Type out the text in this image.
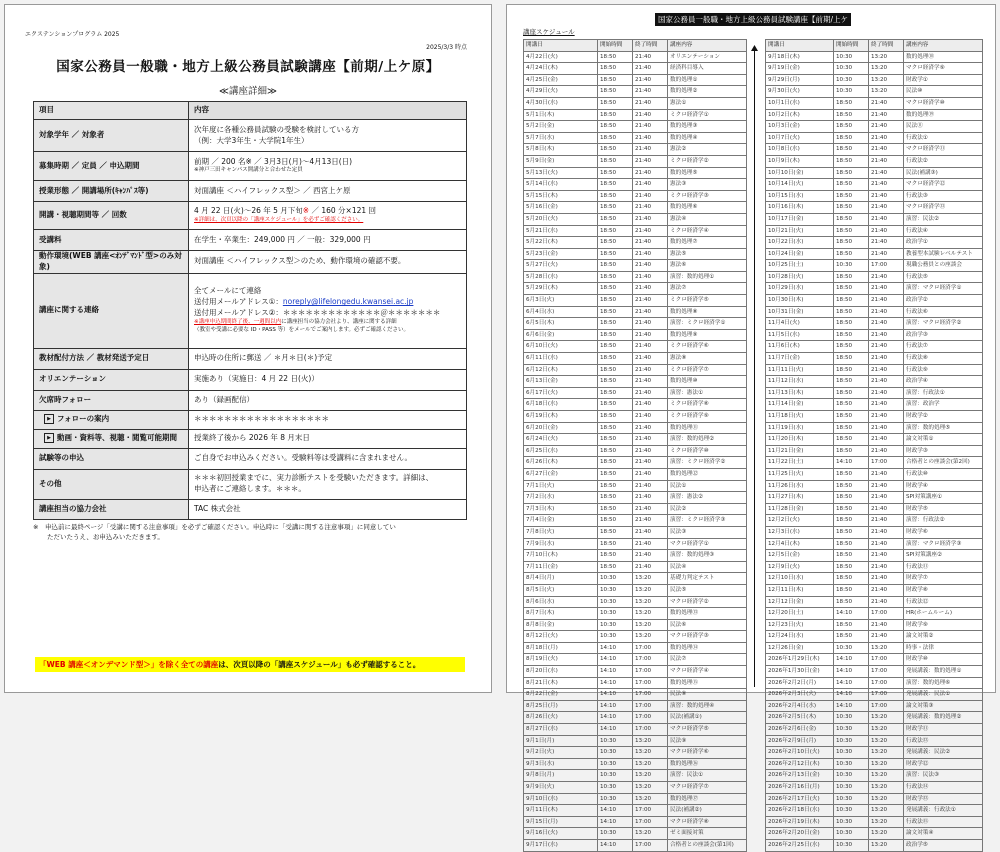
エクステンションプログラム 2025
2025/3/3 時点
国家公務員一般職・地方上級公務員試験講座【前期/上ケ原】
≪講座詳細≫
項目	内容
対象学年 ／ 対象者	次年度に各種公務員試験の受験を検討している方
（例：大学3年生・大学院1年生）

募集時期 ／ 定員 ／ 申込期間	前期 ／ 200 名※ ／ 3月3日(月)～4月13日(日)
※神戸三田キャンパス開講分と合わせた定員

授業形態 ／ 開講場所(ｷｬﾝﾊﾟｽ等)	対面講座 ＜ハイフレックス型＞ ／ 西宮上ケ原
開講・視聴期間等 ／ 回数	4 月 22 日(火)～26 年 5 月下旬※ ／ 160 分×121 回
※詳細は、次頁以降の「講座スケジュール」を必ずご確認ください。

受講料	在学生・卒業生：249,000 円 ／ 一般：329,000 円
動作環境(WEB 講座<ｵﾝﾃﾞﾏﾝﾄﾞ型>のみ対象)	対面講座 ＜ハイフレックス型＞のため、動作環境の確認不要。
講座に関する連絡	全てメールにて連絡
送付用メールアドレス①：noreply@lifelongedu.kwansei.ac.jp
送付用メールアドレス②：＊＊＊＊＊＊＊＊＊＊＊＊＊＠＊＊＊＊＊＊＊
※講座申込期間終了後、一週間以内に講座担当の協力会社より、講座に関する詳細
（教室や受講に必要な ID・PASS 等）をメールでご案内します。必ずご確認ください。

教材配付方法 ／ 教材発送予定日	申込時の住所に郵送 ／ ＊月＊日(＊)予定
オリエンテーション	実施あり（実施日：4 月 22 日(火)）
欠席時フォロー	あり（録画配信）
▶ フォローの案内	＊＊＊＊＊＊＊＊＊＊＊＊＊＊＊＊＊＊
▶ 動画・資料等、視聴・閲覧可能期間	授業終了後から 2026 年 8 月末日
試験等の申込	ご自身でお申込みください。受験料等は受講料に含まれません。
その他	＊＊＊初回授業までに、実力診断テストを受験いただきます。詳細は、
申込者にご連絡します。＊＊＊。

講座担当の協力会社	TAC 株式会社
※　 申込前に最終ページ「受講に関する注意事項」を必ずご確認ください。申込時に「受講に関する注意事項」に同意してい
ただいたうえ、お申込みいただきます。
「WEB 講座＜オンデマンド型＞」を除く全ての講座は、次頁以降の「講座スケジュール」も必ず確認すること。
国家公務員一般職・地方上級公務員試験講座【前期/上ケ原】
講座スケジュール
開講日	開始時間	終了時間	講座内容
4月22日(火)	18:50	21:40	オリエンテーション
4月24日(木)	18:50	21:40	経済科目導入
4月25日(金)	18:50	21:40	数的処理①
4月29日(火)	18:50	21:40	数的処理②
4月30日(水)	18:50	21:40	憲法①
5月1日(木)	18:50	21:40	ミクロ経済学①
5月2日(金)	18:50	21:40	数的処理③
5月7日(水)	18:50	21:40	数的処理④
5月8日(木)	18:50	21:40	憲法②
5月9日(金)	18:50	21:40	ミクロ経済学②
5月13日(火)	18:50	21:40	数的処理⑤
5月14日(水)	18:50	21:40	憲法③
5月15日(木)	18:50	21:40	ミクロ経済学③
5月16日(金)	18:50	21:40	数的処理⑥
5月20日(火)	18:50	21:40	憲法④
5月21日(水)	18:50	21:40	ミクロ経済学④
5月22日(木)	18:50	21:40	数的処理⑦
5月23日(金)	18:50	21:40	憲法⑤
5月27日(火)	18:50	21:40	憲法⑥
5月28日(水)	18:50	21:40	演習：数的処理①
5月29日(木)	18:50	21:40	憲法⑦
6月3日(火)	18:50	21:40	ミクロ経済学⑤
6月4日(水)	18:50	21:40	数的処理⑧
6月5日(木)	18:50	21:40	演習：ミクロ経済学①
6月6日(金)	18:50	21:40	数的処理⑨
6月10日(火)	18:50	21:40	ミクロ経済学⑥
6月11日(水)	18:50	21:40	憲法⑧
6月12日(木)	18:50	21:40	ミクロ経済学⑦
6月13日(金)	18:50	21:40	数的処理⑩
6月17日(火)	18:50	21:40	演習：憲法①
6月18日(水)	18:50	21:40	ミクロ経済学⑧
6月19日(木)	18:50	21:40	ミクロ経済学⑨
6月20日(金)	18:50	21:40	数的処理⑪
6月24日(火)	18:50	21:40	演習：数的処理②
6月25日(水)	18:50	21:40	ミクロ経済学⑩
6月26日(木)	18:50	21:40	演習：ミクロ経済学②
6月27日(金)	18:50	21:40	数的処理⑫
7月1日(火)	18:50	21:40	民法①
7月2日(水)	18:50	21:40	演習：憲法②
7月3日(木)	18:50	21:40	民法②
7月4日(金)	18:50	21:40	演習：ミクロ経済学③
7月8日(火)	18:50	21:40	民法③
7月9日(水)	18:50	21:40	マクロ経済学①
7月10日(木)	18:50	21:40	演習：数的処理③
7月11日(金)	18:50	21:40	民法④
8月4日(月)	10:30	13:20	基礎力判定テスト
8月5日(火)	10:30	13:20	民法⑤
8月6日(水)	10:30	13:20	マクロ経済学②
8月7日(木)	10:30	13:20	数的処理⑬
8月8日(金)	10:30	13:20	民法⑥
8月12日(火)	10:30	13:20	マクロ経済学③
8月18日(月)	14:10	17:00	数的処理⑭
8月19日(火)	14:10	17:00	民法⑦
8月20日(水)	14:10	17:00	マクロ経済学④
8月21日(木)	14:10	17:00	数的処理⑮
8月22日(金)	14:10	17:00	民法⑧
8月25日(月)	14:10	17:00	演習：数的処理④
8月26日(火)	14:10	17:00	民法(補講①)
8月27日(水)	14:10	17:00	マクロ経済学⑤
9月1日(月)	10:30	13:20	民法⑨
9月2日(火)	10:30	13:20	マクロ経済学⑥
9月3日(水)	10:30	13:20	数的処理⑯
9月8日(月)	10:30	13:20	演習：民法①
9月9日(火)	10:30	13:20	マクロ経済学⑦
9月10日(水)	10:30	13:20	数的処理⑰
9月11日(木)	14:10	17:00	民法(補講②)
9月15日(月)	14:10	17:00	マクロ経済学⑧
9月16日(火)	10:30	13:20	ゼミ面接対策
9月17日(水)	14:10	17:00	合格者との座談会(第1回)
開講日	開始時間	終了時間	講座内容
9月18日(木)	10:30	13:20	数的処理⑱
9月19日(金)	10:30	13:20	マクロ経済学⑨
9月29日(月)	10:30	13:20	財政学①
9月30日(火)	10:30	13:20	民法⑩
10月1日(水)	18:50	21:40	マクロ経済学⑩
10月2日(木)	18:50	21:40	数的処理⑲
10月3日(金)	18:50	21:40	民法⑪
10月7日(火)	18:50	21:40	行政法①
10月8日(水)	18:50	21:40	マクロ経済学⑪
10月9日(木)	18:50	21:40	行政法②
10月10日(金)	18:50	21:40	民法(補講③)
10月14日(火)	18:50	21:40	マクロ経済学⑫
10月15日(水)	18:50	21:40	行政法③
10月16日(木)	18:50	21:40	マクロ経済学⑬
10月17日(金)	18:50	21:40	演習：民法②
10月21日(火)	18:50	21:40	行政法④
10月22日(水)	18:50	21:40	政治学①
10月24日(金)	18:50	21:40	教養型本試験レベルテスト
10月25日(土)	10:30	17:00	現職公務員との座談会
10月28日(火)	18:50	21:40	行政法⑤
10月29日(水)	18:50	21:40	演習：マクロ経済学①
10月30日(木)	18:50	21:40	政治学②
10月31日(金)	18:50	21:40	行政法⑥
11月4日(火)	18:50	21:40	演習：マクロ経済学②
11月5日(水)	18:50	21:40	政治学③
11月6日(木)	18:50	21:40	行政法⑦
11月7日(金)	18:50	21:40	行政法⑧
11月11日(火)	18:50	21:40	行政法⑨
11月12日(水)	18:50	21:40	政治学④
11月13日(木)	18:50	21:40	演習：行政法①
11月14日(金)	18:50	21:40	演習：政治学
11月18日(火)	18:50	21:40	財政学②
11月19日(水)	18:50	21:40	演習：数的処理⑤
11月20日(木)	18:50	21:40	論文対策①
11月21日(金)	18:50	21:40	財政学③
11月22日(土)	14:10	17:00	合格者との座談会(第2回)
11月25日(火)	18:50	21:40	行政法⑩
11月26日(水)	18:50	21:40	財政学④
11月27日(木)	18:50	21:40	SPI対策講座①
11月28日(金)	18:50	21:40	財政学⑤
12月2日(火)	18:50	21:40	演習：行政法②
12月3日(水)	18:50	21:40	財政学⑥
12月4日(木)	18:50	21:40	演習：マクロ経済学③
12月5日(金)	18:50	21:40	SPI対策講座②
12月9日(火)	18:50	21:40	行政法⑪
12月10日(水)	18:50	21:40	財政学⑦
12月11日(木)	18:50	21:40	財政学⑧
12月12日(金)	18:50	21:40	行政法⑫
12月20日(土)	14:10	17:00	HR(ホームルーム)
12月23日(火)	18:50	21:40	財政学⑨
12月24日(水)	18:50	21:40	論文対策②
12月26日(金)	10:30	13:20	時事・法律
2026年1月29日(木)	14:10	17:00	財政学⑩
2026年1月30日(金)	14:10	17:00	発展講義：数的処理①
2026年2月2日(月)	14:10	17:00	演習：数的処理⑥
2026年2月3日(火)	14:10	17:00	発展講義：民法①
2026年2月4日(水)	14:10	17:00	論文対策③
2026年2月5日(木)	10:30	13:20	発展講義：数的処理②
2026年2月6日(金)	10:30	13:20	財政学⑪
2026年2月9日(月)	10:30	13:20	行政法⑬
2026年2月10日(火)	10:30	13:20	発展講義：民法②
2026年2月12日(木)	10:30	13:20	財政学⑫
2026年2月13日(金)	10:30	13:20	演習：民法③
2026年2月16日(月)	10:30	13:20	行政法⑭
2026年2月17日(火)	10:30	13:20	財政学⑬
2026年2月18日(水)	10:30	13:20	発展講義：行政法①
2026年2月19日(木)	10:30	13:20	行政法⑮
2026年2月20日(金)	10:30	13:20	論文対策④
2026年2月25日(水)	10:30	13:20	政治学⑤
